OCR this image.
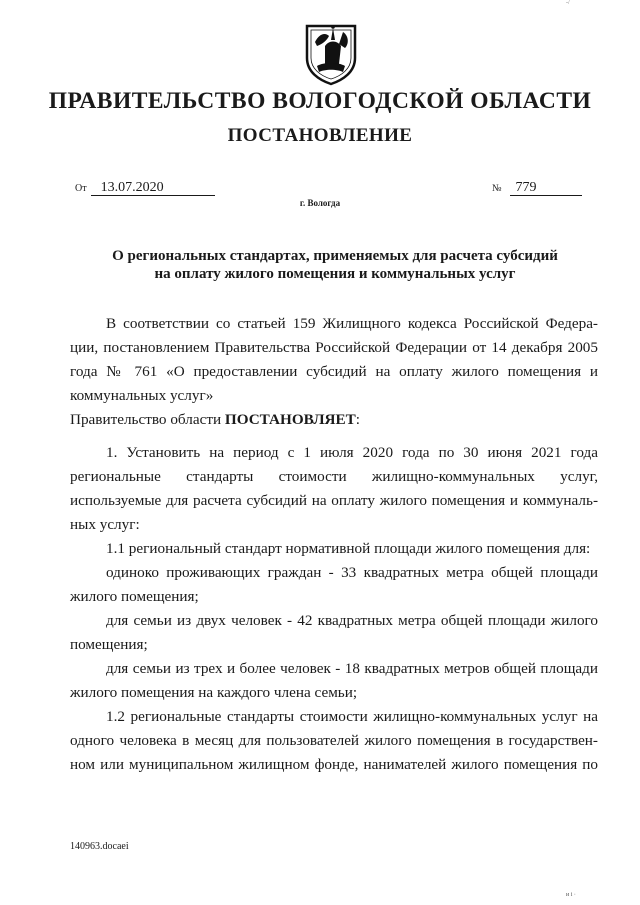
-/
ПРАВИТЕЛЬСТВО ВОЛОГОДСКОЙ ОБЛАСТИ
ПОСТАНОВЛЕНИЕ
От 13.07.2020	№ 779
г. Вологда
О региональных стандартах, применяемых для расчета субсидий
на оплату жилого помещения и коммунальных услуг

В соответствии со статьей 159 Жилищного кодекса Российской Федера-

ции, постановлением Правительства Российской Федерации от 14 декабря 2005

года № 761 «О предоставлении субсидий на оплату жилого помещения и

коммунальных услуг»

Правительство области ПОСТАНОВЛЯЕТ:

1. Установить на период с 1 июля 2020 года по 30 июня 2021 года

региональные стандарты стоимости жилищно-коммунальных услуг,

используемые для расчета субсидий на оплату жилого помещения и коммуналь-

ных услуг:

1.1 региональный стандарт нормативной площади жилого помещения для:

одиноко проживающих граждан - 33 квадратных метра общей площади

жилого помещения;

для семьи из двух человек - 42 квадратных метра общей площади жилого

помещения;

для семьи из трех и более человек - 18 квадратных метров общей площади

жилого помещения на каждого члена семьи;

1.2 региональные стандарты стоимости жилищно-коммунальных услуг на

одного человека в месяц для пользователей жилого помещения в государствен-

ном или муниципальном жилищном фонде, нанимателей жилого помещения по

140963.docaei
и і ·
